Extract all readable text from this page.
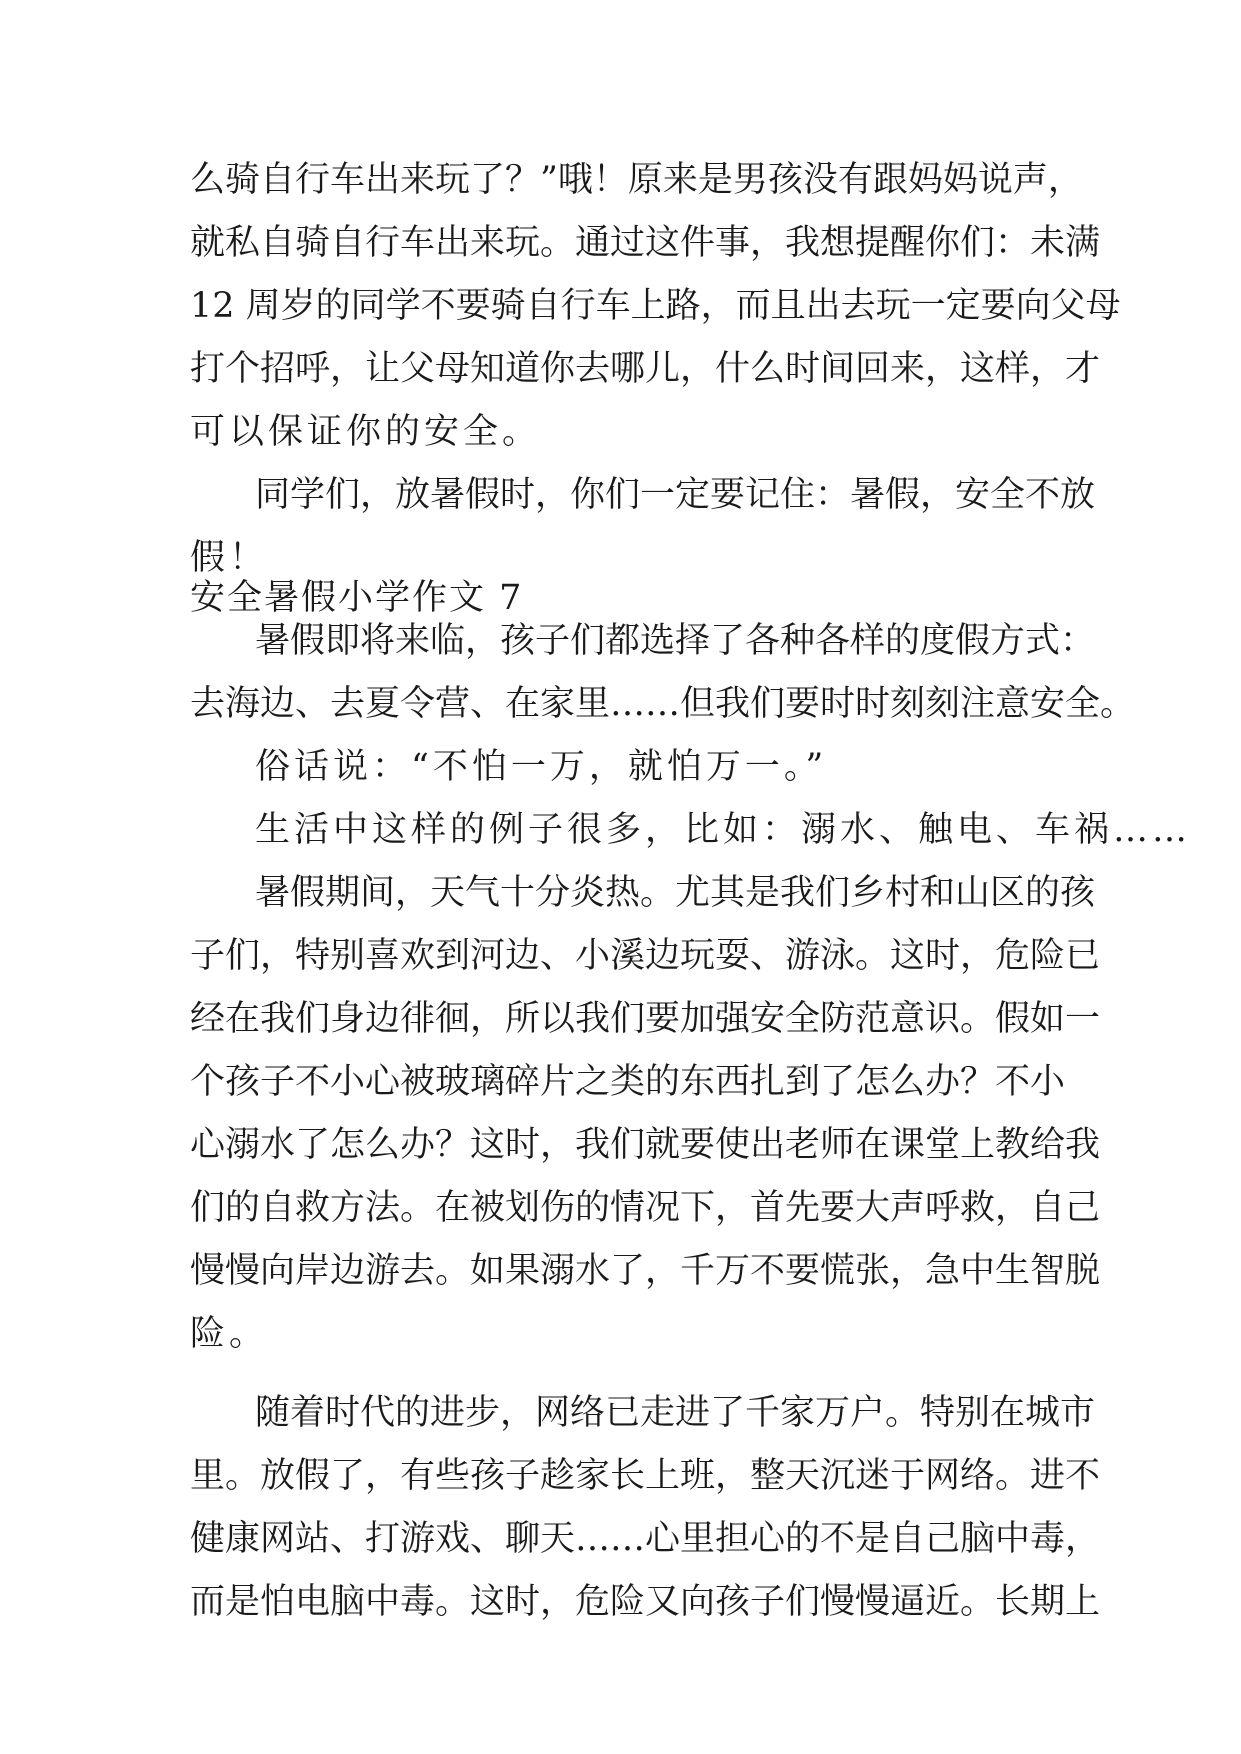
么骑自行车出来玩了？”哦！原来是男孩没有跟妈妈说声，
就私自骑自行车出来玩。通过这件事，我想提醒你们：未满
12 周岁的同学不要骑自行车上路，而且出去玩一定要向父母
打个招呼，让父母知道你去哪儿，什么时间回来，这样，才
可以保证你的安全。
同学们，放暑假时，你们一定要记住：暑假，安全不放
假！
安全暑假小学作文 7
暑假即将来临，孩子们都选择了各种各样的度假方式：
去海边、去夏令营、在家里……但我们要时时刻刻注意安全。
俗话说：“不怕一万，就怕万一。”
生活中这样的例子很多，比如：溺水、触电、车祸……
暑假期间，天气十分炎热。尤其是我们乡村和山区的孩
子们，特别喜欢到河边、小溪边玩耍、游泳。这时，危险已
经在我们身边徘徊，所以我们要加强安全防范意识。假如一
个孩子不小心被玻璃碎片之类的东西扎到了怎么办？不小
心溺水了怎么办？这时，我们就要使出老师在课堂上教给我
们的自救方法。在被划伤的情况下，首先要大声呼救，自己
慢慢向岸边游去。如果溺水了，千万不要慌张，急中生智脱
险。
随着时代的进步，网络已走进了千家万户。特别在城市
里。放假了，有些孩子趁家长上班，整天沉迷于网络。进不
健康网站、打游戏、聊天……心里担心的不是自己脑中毒，
而是怕电脑中毒。这时，危险又向孩子们慢慢逼近。长期上
